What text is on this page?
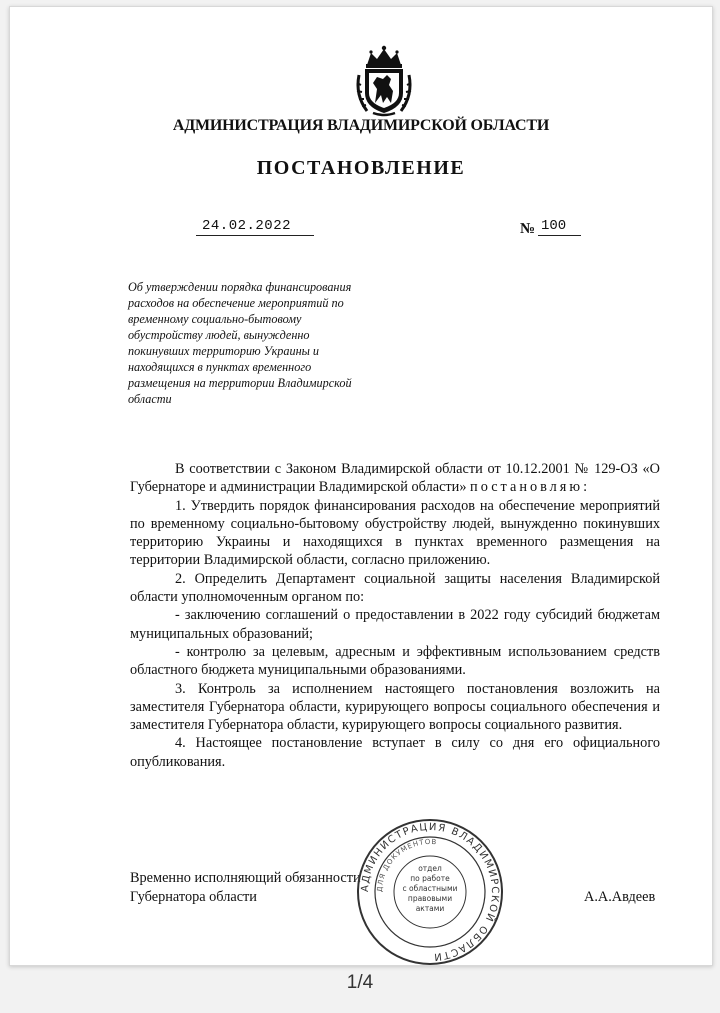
АДМИНИСТРАЦИЯ ВЛАДИМИРСКОЙ ОБЛАСТИ
ПОСТАНОВЛЕНИЕ
24.02.2022	№ 100
Об утверждении порядка финансирования расходов на обеспечение мероприятий по временному социально-бытовому обустройству людей, вынужденно покинувших территорию Украины и находящихся в пунктах временного размещения на территории Владимирской области

В соответствии с Законом Владимирской области от 10.12.2001 № 129-ОЗ «О Губернаторе и администрации Владимирской области» постановляю:

1. Утвердить порядок финансирования расходов на обеспечение мероприятий по временному социально-бытовому обустройству людей, вынужденно покинувших территорию Украины и находящихся в пунктах временного размещения на территории Владимирской области, согласно приложению.

2. Определить Департамент социальной защиты населения Владимирской области уполномоченным органом по:

- заключению соглашений о предоставлении в 2022 году субсидий бюджетам муниципальных образований;

- контролю за целевым, адресным и эффективным использованием средств областного бюджета муниципальными образованиями.

3. Контроль за исполнением настоящего постановления возложить на заместителя Губернатора области, курирующего вопросы социального обеспечения и заместителя Губернатора области, курирующего вопросы социального развития.

4. Настоящее постановление вступает в силу со дня его официального опубликования.

Временно исполняющий обязанности
Губернатора области	А.А.Авдеев
АДМИНИСТРАЦИЯ ВЛАДИМИРСКОЙ ОБЛАСТИ
ДЛЯ ДОКУМЕНТОВ
отдел
по работе
с областными
правовыми
актами
1/4
